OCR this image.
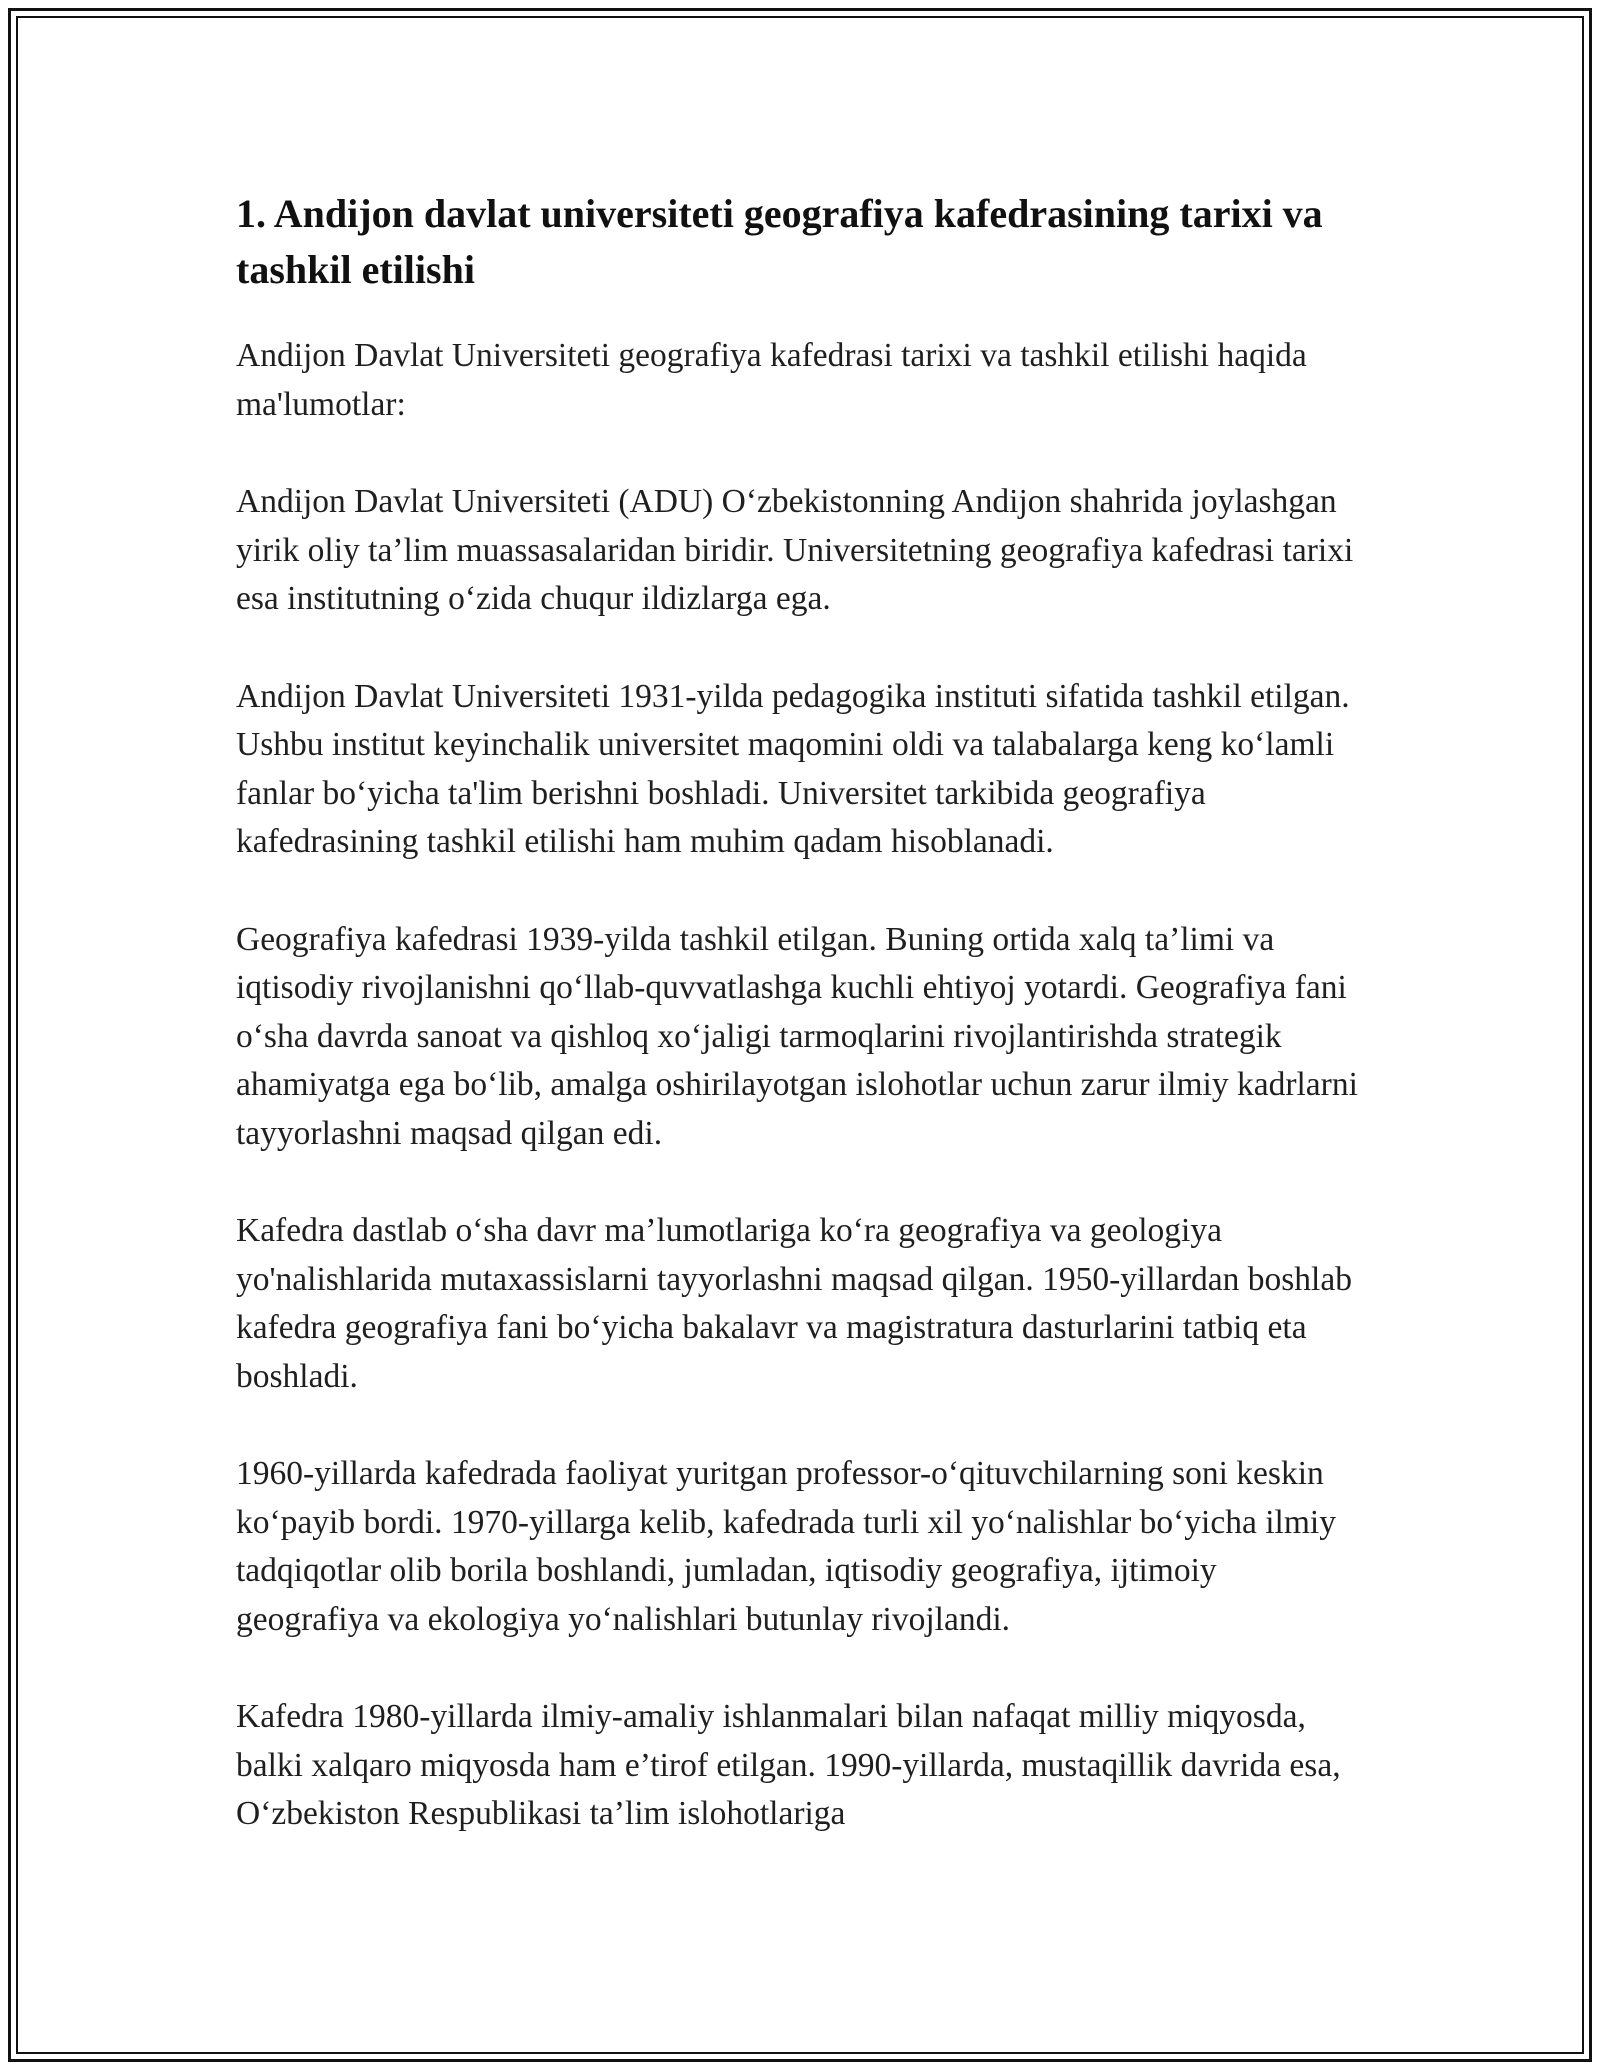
1. Andijon davlat universiteti geografiya kafedrasining tarixi va tashkil etilishi

Andijon Davlat Universiteti geografiya kafedrasi tarixi va tashkil etilishi haqida ma'lumotlar:

Andijon Davlat Universiteti (ADU) O‘zbekistonning Andijon shahrida joylashgan yirik oliy ta’lim muassasalaridan biridir. Universitetning geografiya kafedrasi tarixi esa institutning o‘zida chuqur ildizlarga ega.

Andijon Davlat Universiteti 1931-yilda pedagogika instituti sifatida tashkil etilgan. Ushbu institut keyinchalik universitet maqomini oldi va talabalarga keng ko‘lamli fanlar bo‘yicha ta'lim berishni boshladi. Universitet tarkibida geografiya kafedrasining tashkil etilishi ham muhim qadam hisoblanadi.

Geografiya kafedrasi 1939-yilda tashkil etilgan. Buning ortida xalq ta’limi va iqtisodiy rivojlanishni qo‘llab-quvvatlashga kuchli ehtiyoj yotardi. Geografiya fani o‘sha davrda sanoat va qishloq xo‘jaligi tarmoqlarini rivojlantirishda strategik ahamiyatga ega bo‘lib, amalga oshirilayotgan islohotlar uchun zarur ilmiy kadrlarni tayyorlashni maqsad qilgan edi.

Kafedra dastlab o‘sha davr ma’lumotlariga ko‘ra geografiya va geologiya yo'nalishlarida mutaxassislarni tayyorlashni maqsad qilgan. 1950-yillardan boshlab kafedra geografiya fani bo‘yicha bakalavr va magistratura dasturlarini tatbiq eta boshladi.

1960-yillarda kafedrada faoliyat yuritgan professor-o‘qituvchilarning soni keskin ko‘payib bordi. 1970-yillarga kelib, kafedrada turli xil yo‘nalishlar bo‘yicha ilmiy tadqiqotlar olib borila boshlandi, jumladan, iqtisodiy geografiya, ijtimoiy geografiya va ekologiya yo‘nalishlari butunlay rivojlandi.

Kafedra 1980-yillarda ilmiy-amaliy ishlanmalari bilan nafaqat milliy miqyosda, balki xalqaro miqyosda ham e’tirof etilgan. 1990-yillarda, mustaqillik davrida esa, O‘zbekiston Respublikasi ta’lim islohotlariga
